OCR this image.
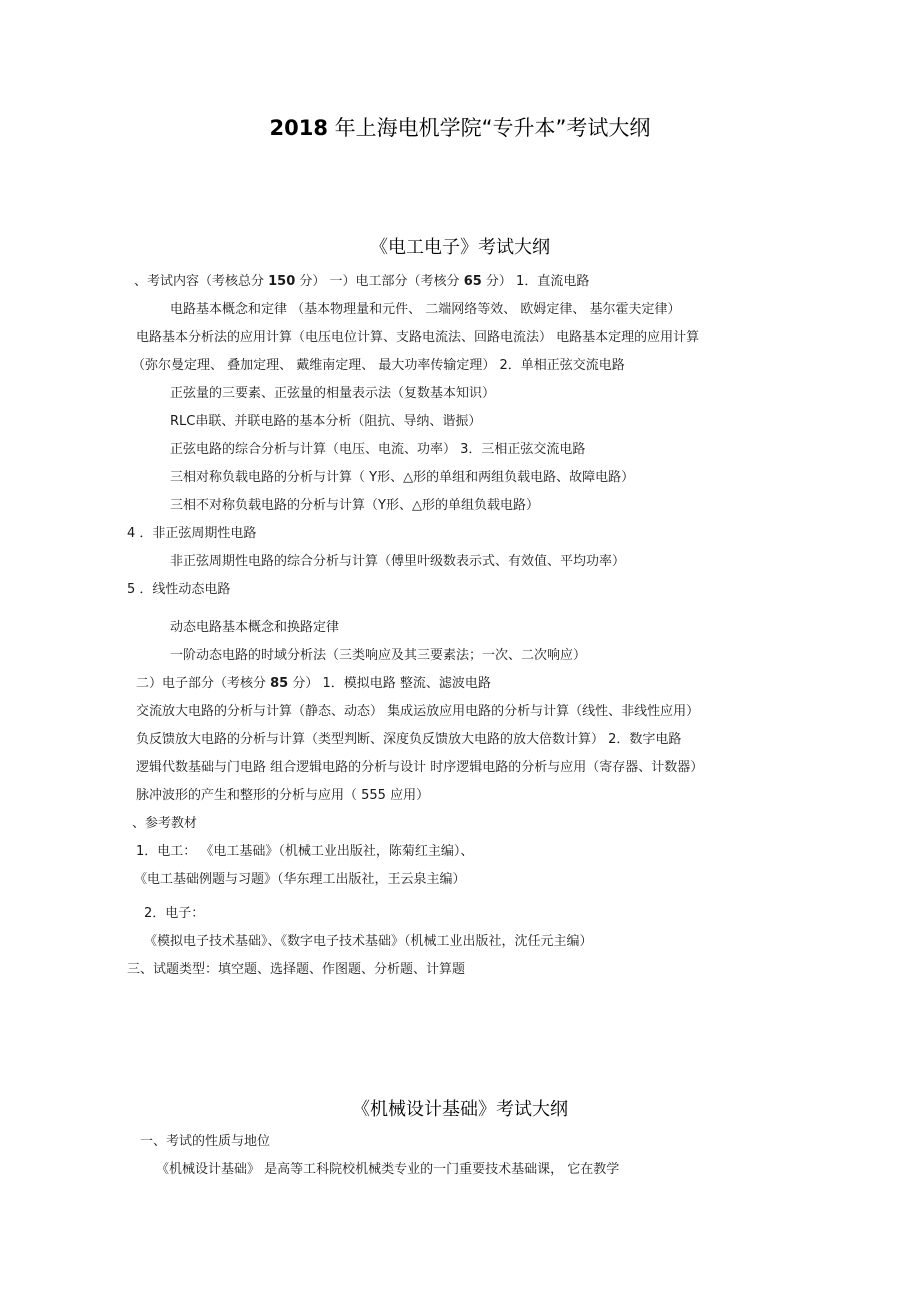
2018 年上海电机学院“专升本”考试大纲
《电工电子》考试大纲
、考试内容（考核总分 150 分） 一）电工部分（考核分 65 分） 1．直流电路
电路基本概念和定律 （基本物理量和元件、 二端网络等效、 欧姆定律、 基尔霍夫定律）
电路基本分析法的应用计算（电压电位计算、支路电流法、回路电流法） 电路基本定理的应用计算
（弥尔曼定理、 叠加定理、 戴维南定理、 最大功率传输定理） 2．单相正弦交流电路
正弦量的三要素、正弦量的相量表示法（复数基本知识）
RLC串联、并联电路的基本分析（阻抗、导纳、谐振）
正弦电路的综合分析与计算（电压、电流、功率） 3．三相正弦交流电路
三相对称负载电路的分析与计算（ Y形、△形的单组和两组负载电路、故障电路）
三相不对称负载电路的分析与计算（Y形、△形的单组负载电路）
4 ．非正弦周期性电路
非正弦周期性电路的综合分析与计算（傅里叶级数表示式、有效值、平均功率）
5 ．线性动态电路
动态电路基本概念和换路定律
一阶动态电路的时域分析法（三类响应及其三要素法；一次、二次响应）
二）电子部分（考核分 85 分） 1．模拟电路 整流、滤波电路
交流放大电路的分析与计算（静态、动态） 集成运放应用电路的分析与计算（线性、非线性应用）
负反馈放大电路的分析与计算（类型判断、深度负反馈放大电路的放大倍数计算） 2．数字电路
逻辑代数基础与门电路 组合逻辑电路的分析与设计 时序逻辑电路的分析与应用（寄存器、计数器）
脉冲波形的产生和整形的分析与应用（ 555 应用）
、参考教材
1．电工： 《电工基础》（机械工业出版社，陈菊红主编）、
《电工基础例题与习题》（华东理工出版社，王云泉主编）
2．电子：
《模拟电子技术基础》、《数字电子技术基础》（机械工业出版社，沈任元主编）
三、试题类型：填空题、选择题、作图题、分析题、计算题
《机械设计基础》考试大纲
一、考试的性质与地位
《机械设计基础》 是高等工科院校机械类专业的一门重要技术基础课， 它在教学
